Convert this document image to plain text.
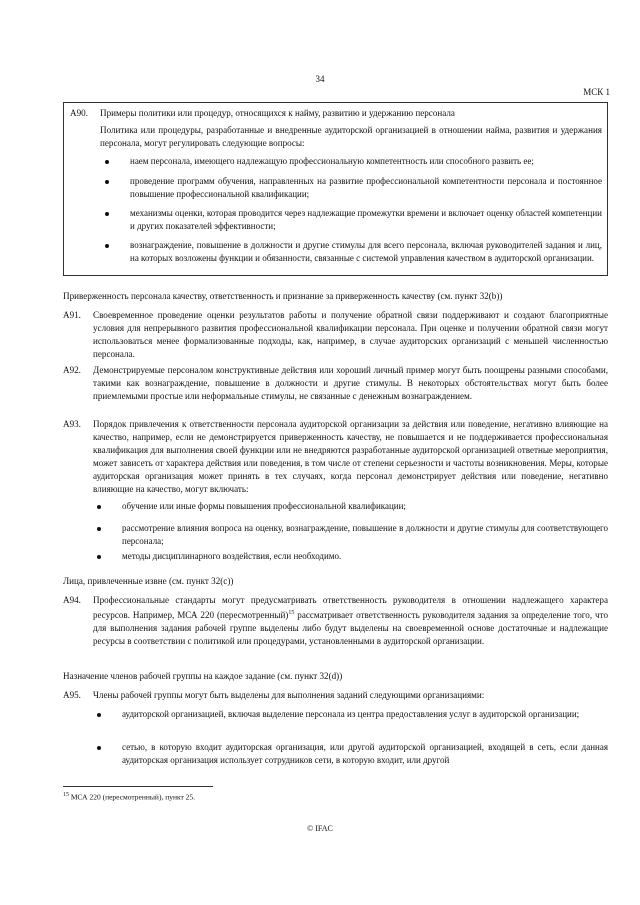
34
МСК 1
A90. Примеры политики или процедур, относящихся к найму, развитию и удержанию персонала
Политика или процедуры, разработанные и внедренные аудиторской организацией в отношении найма, развития и удержания персонала, могут регулировать следующие вопросы:
наем персонала, имеющего надлежащую профессиональную компетентность или способного развить ее;
проведение программ обучения, направленных на развитие профессиональной компетентности персонала и постоянное повышение профессиональной квалификации;
механизмы оценки, которая проводится через надлежащие промежутки времени и включает оценку областей компетенции и других показателей эффективности;
вознаграждение, повышение в должности и другие стимулы для всего персонала, включая руководителей задания и лиц, на которых возложены функции и обязанности, связанные с системой управления качеством в аудиторской организации.
Приверженность персонала качеству, ответственность и признание за приверженность качеству (см. пункт 32(b))
A91. Своевременное проведение оценки результатов работы и получение обратной связи поддерживают и создают благоприятные условия для непрерывного развития профессиональной квалификации персонала. При оценке и получении обратной связи могут использоваться менее формализованные подходы, как, например, в случае аудиторских организаций с меньшей численностью персонала.
A92. Демонстрируемые персоналом конструктивные действия или хороший личный пример могут быть поощрены разными способами, такими как вознаграждение, повышение в должности и другие стимулы. В некоторых обстоятельствах могут быть более приемлемыми простые или неформальные стимулы, не связанные с денежным вознаграждением.
A93. Порядок привлечения к ответственности персонала аудиторской организации за действия или поведение, негативно влияющие на качество, например, если не демонстрируется приверженность качеству, не повышается и не поддерживается профессиональная квалификация для выполнения своей функции или не внедряются разработанные аудиторской организацией ответные мероприятия, может зависеть от характера действия или поведения, в том числе от степени серьезности и частоты возникновения. Меры, которые аудиторская организация может принять в тех случаях, когда персонал демонстрирует действия или поведение, негативно влияющие на качество, могут включать:
обучение или иные формы повышения профессиональной квалификации;
рассмотрение влияния вопроса на оценку, вознаграждение, повышение в должности и другие стимулы для соответствующего персонала;
методы дисциплинарного воздействия, если необходимо.
Лица, привлеченные извне (см. пункт 32(c))
A94. Профессиональные стандарты могут предусматривать ответственность руководителя в отношении надлежащего характера ресурсов. Например, МСА 220 (пересмотренный)$^{15}$ рассматривает ответственность руководителя задания за определение того, что для выполнения задания рабочей группе выделены либо будут выделены на своевременной основе достаточные и надлежащие ресурсы в соответствии с политикой или процедурами, установленными в аудиторской организации.
Назначение членов рабочей группы на каждое задание (см. пункт 32(d))
A95. Члены рабочей группы могут быть выделены для выполнения заданий следующими организациями:
аудиторской организацией, включая выделение персонала из центра предоставления услуг в аудиторской организации;
сетью, в которую входит аудиторская организация, или другой аудиторской организацией, входящей в сеть, если данная аудиторская организация использует сотрудников сети, в которую входит, или другой
$^{15}$ МСА 220 (пересмотренный), пункт 25.
© IFAC
